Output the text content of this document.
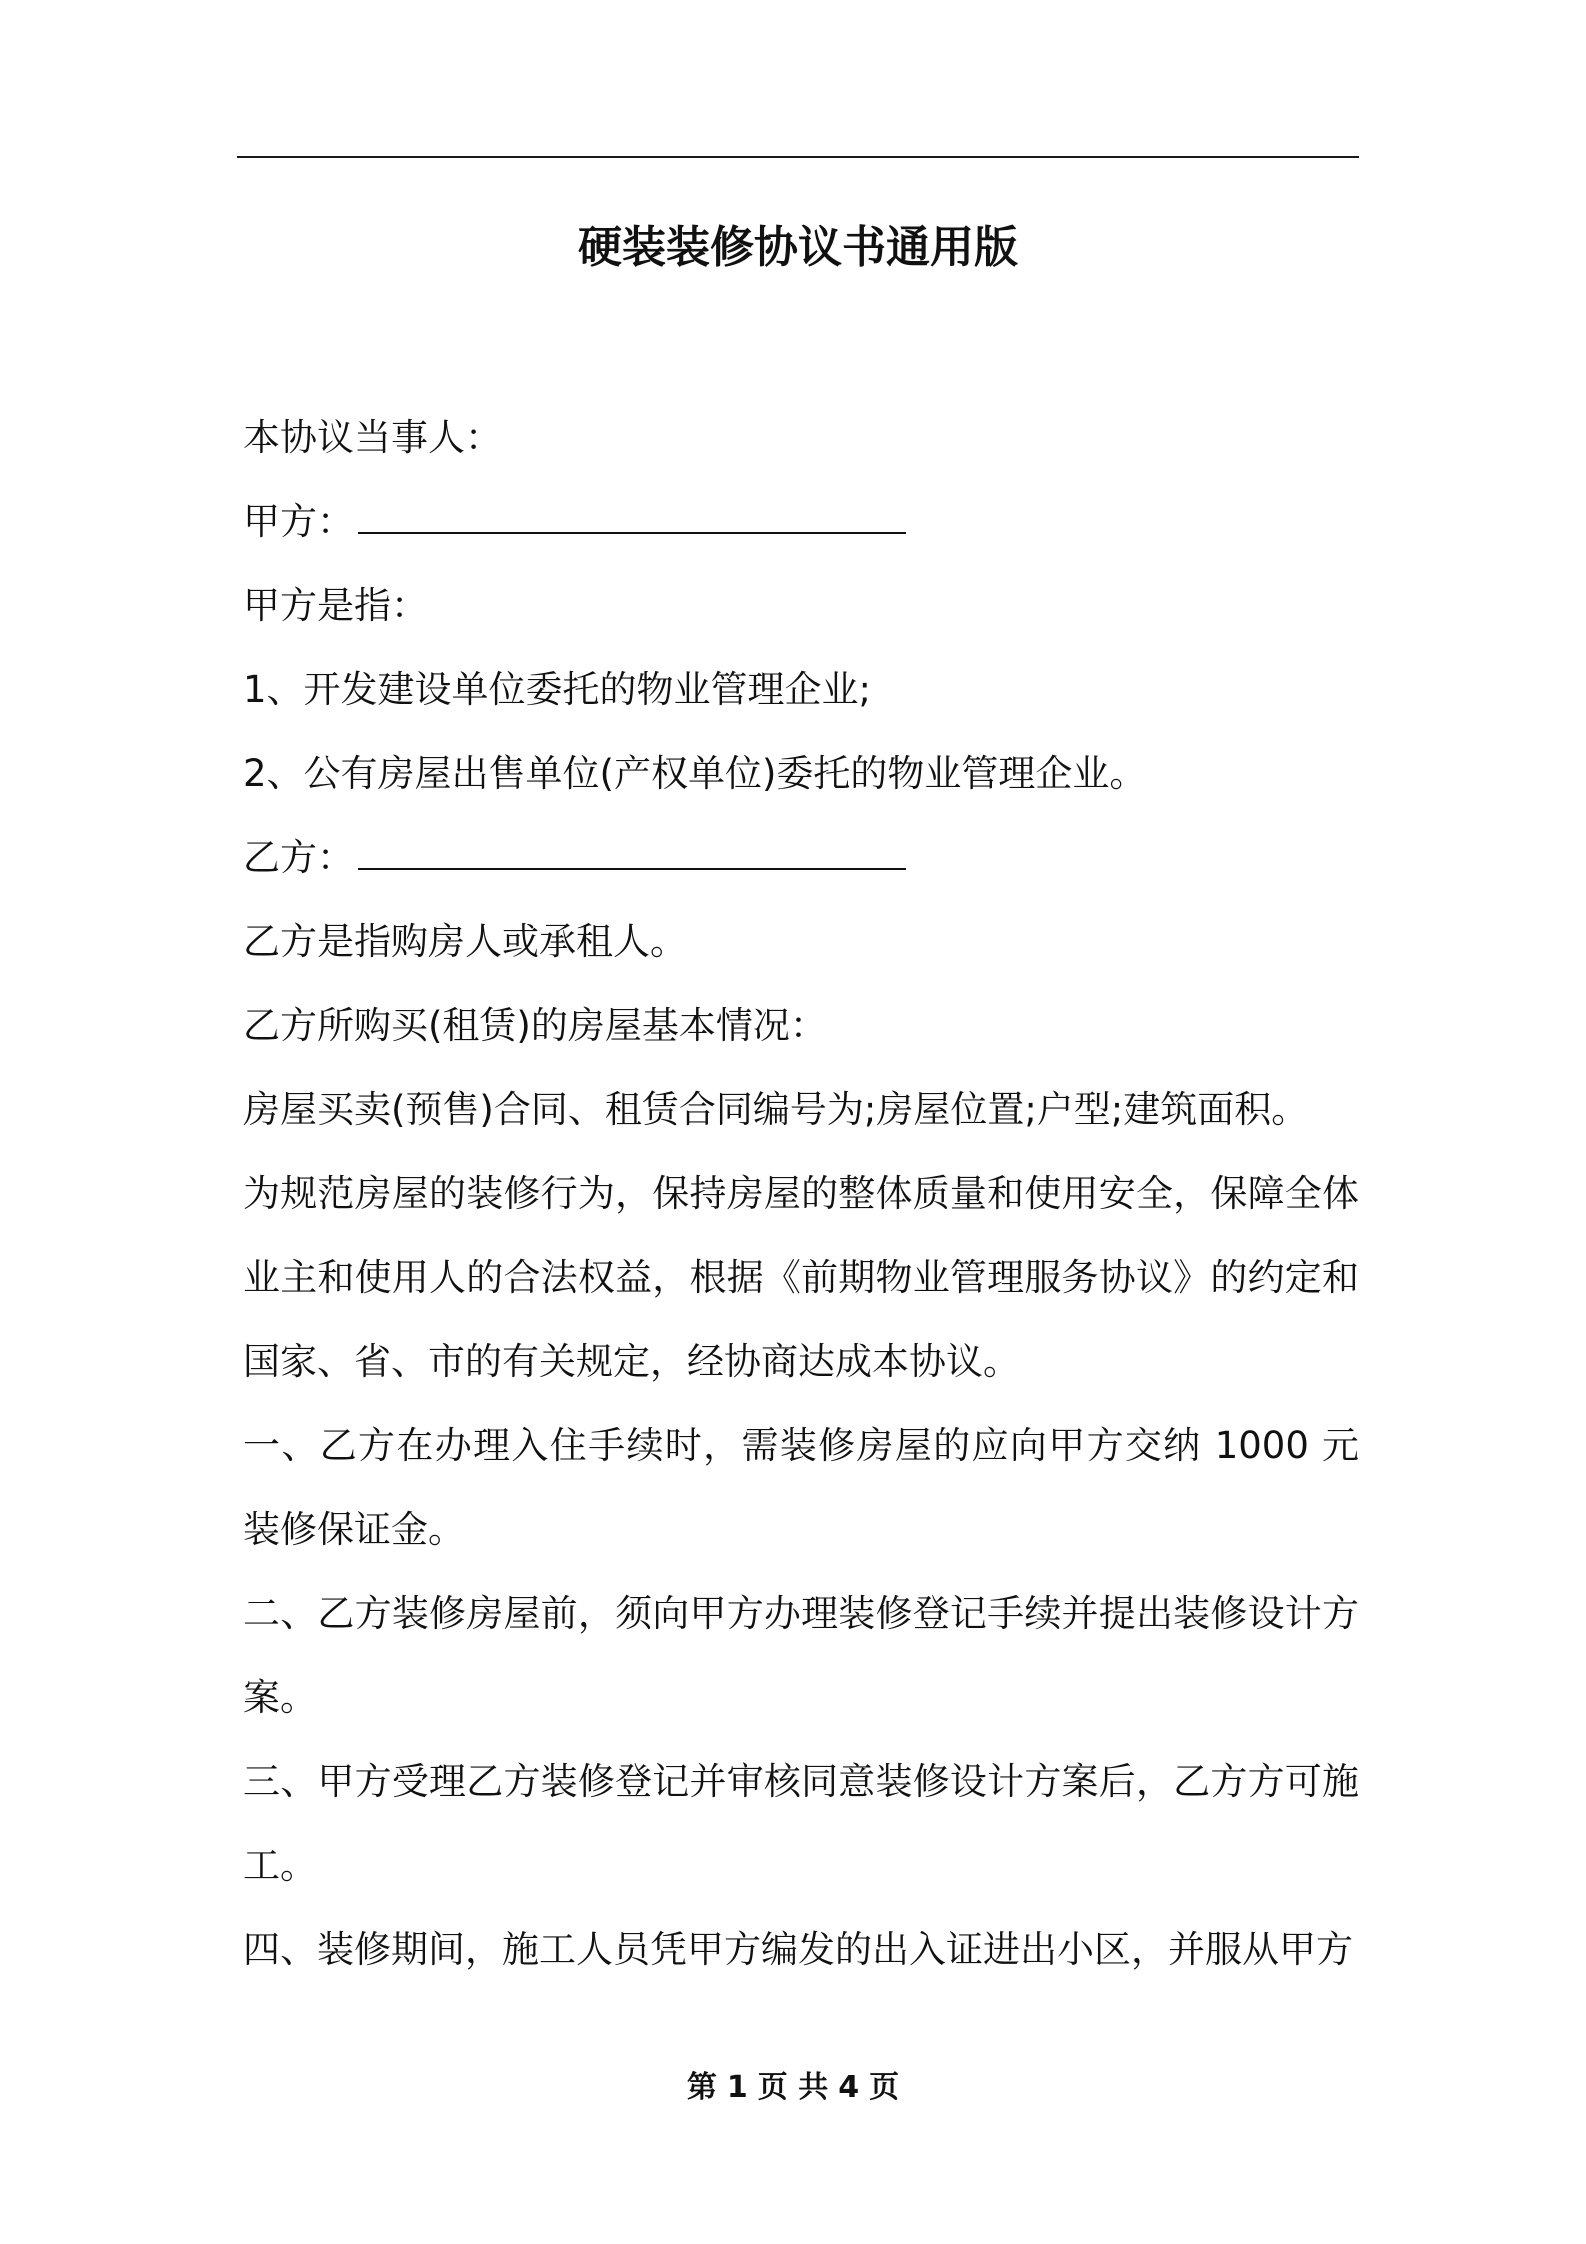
硬装装修协议书通用版

本协议当事人：

甲方：

甲方是指：

1、开发建设单位委托的物业管理企业;

2、公有房屋出售单位(产权单位)委托的物业管理企业。

乙方：

乙方是指购房人或承租人。

乙方所购买(租赁)的房屋基本情况：

房屋买卖(预售)合同、租赁合同编号为;房屋位置;户型;建筑面积。

为规范房屋的装修行为，保持房屋的整体质量和使用安全，保障全体业主和使用人的合法权益，根据《前期物业管理服务协议》的约定和国家、省、市的有关规定，经协商达成本协议。

一、乙方在办理入住手续时，需装修房屋的应向甲方交纳 1000 元装修保证金。

二、乙方装修房屋前，须向甲方办理装修登记手续并提出装修设计方案。

三、甲方受理乙方装修登记并审核同意装修设计方案后，乙方方可施工。

四、装修期间，施工人员凭甲方编发的出入证进出小区，并服从甲方

第 1 页 共 4 页
